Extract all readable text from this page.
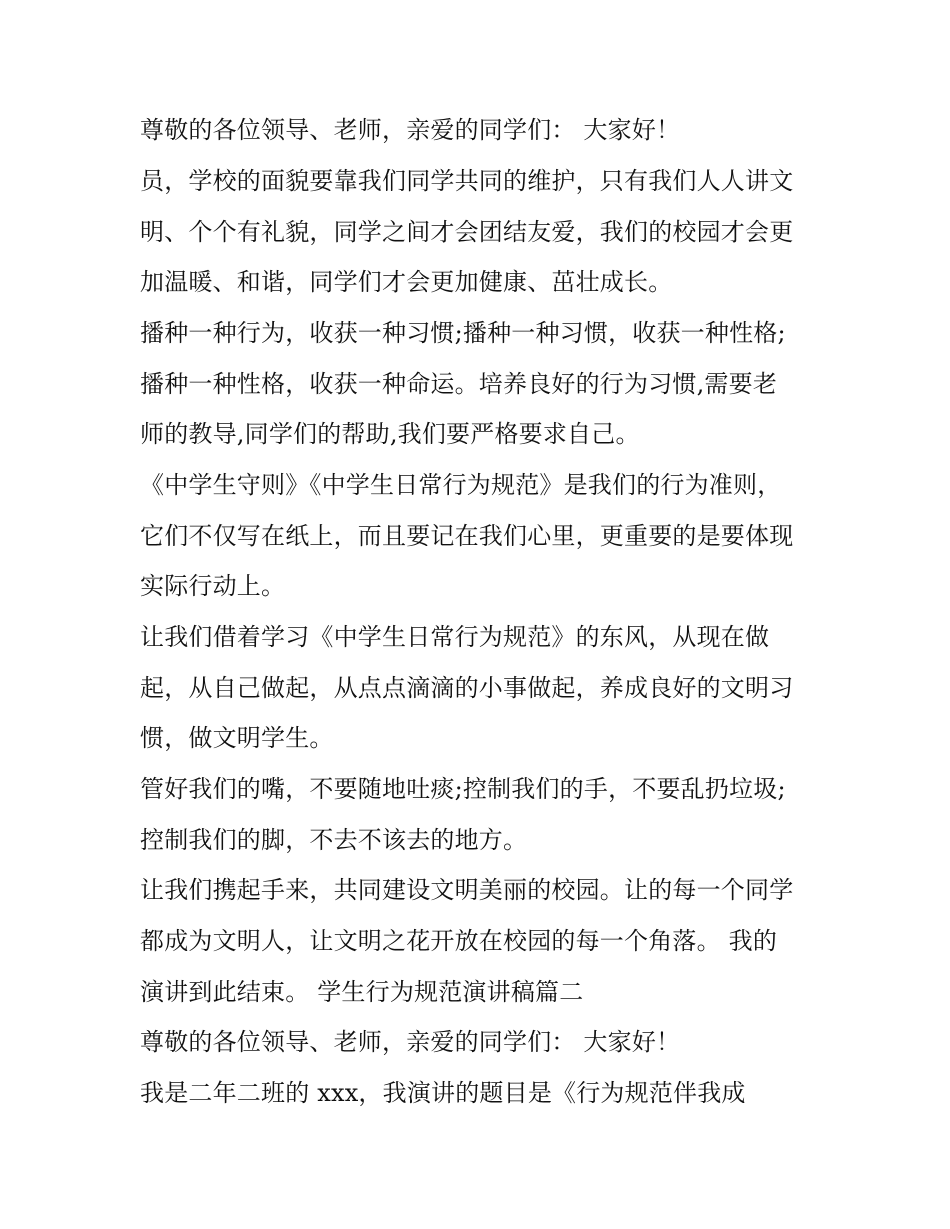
尊敬的各位领导、老师，亲爱的同学们： 大家好！
员，学校的面貌要靠我们同学共同的维护，只有我们人人讲文
明、个个有礼貌，同学之间才会团结友爱，我们的校园才会更
加温暖、和谐，同学们才会更加健康、茁壮成长。
播种一种行为，收获一种习惯;播种一种习惯，收获一种性格;
播种一种性格，收获一种命运。培养良好的行为习惯,需要老
师的教导,同学们的帮助,我们要严格要求自己。
《中学生守则》《中学生日常行为规范》是我们的行为准则，
它们不仅写在纸上，而且要记在我们心里，更重要的是要体现
实际行动上。
让我们借着学习《中学生日常行为规范》的东风，从现在做
起，从自己做起，从点点滴滴的小事做起，养成良好的文明习
惯，做文明学生。
管好我们的嘴，不要随地吐痰;控制我们的手，不要乱扔垃圾;
控制我们的脚，不去不该去的地方。
让我们携起手来，共同建设文明美丽的校园。让的每一个同学
都成为文明人，让文明之花开放在校园的每一个角落。 我的
演讲到此结束。 学生行为规范演讲稿篇二
尊敬的各位领导、老师，亲爱的同学们： 大家好！
我是二年二班的 xxx，我演讲的题目是《行为规范伴我成
